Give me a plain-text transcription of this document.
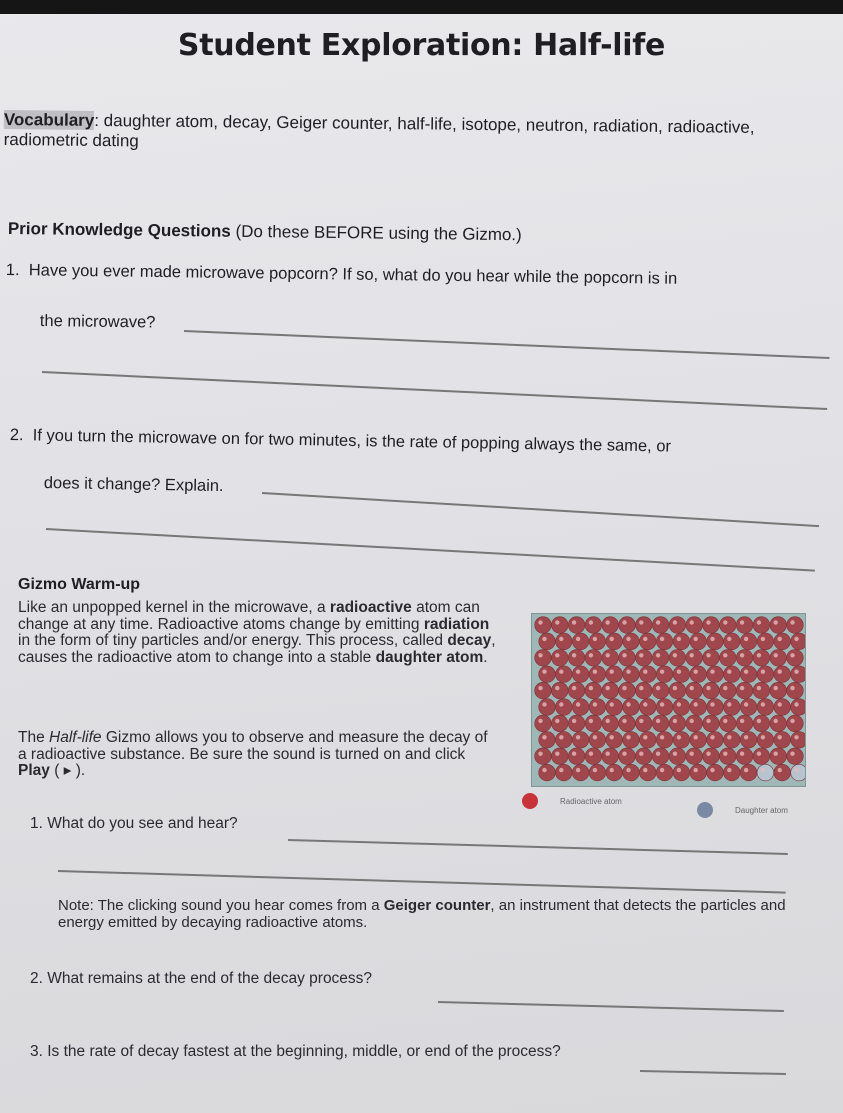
Student Exploration: Half-life
Vocabulary: daughter atom, decay, Geiger counter, half-life, isotope, neutron, radiation, radioactive, radiometric dating
Prior Knowledge Questions (Do these BEFORE using the Gizmo.)
1. Have you ever made microwave popcorn? If so, what do you hear while the popcorn is in
the microwave?
2. If you turn the microwave on for two minutes, is the rate of popping always the same, or
does it change? Explain.
Gizmo Warm-up
Like an unpopped kernel in the microwave, a radioactive atom can change at any time. Radioactive atoms change by emitting radiation in the form of tiny particles and/or energy. This process, called decay, causes the radioactive atom to change into a stable daughter atom.
The Half-life Gizmo allows you to observe and measure the decay of a radioactive substance. Be sure the sound is turned on and click Play ( ▸ ).
Radioactive atom
Daughter atom
1. What do you see and hear?
Note: The clicking sound you hear comes from a Geiger counter, an instrument that detects the particles and energy emitted by decaying radioactive atoms.
2. What remains at the end of the decay process?
3. Is the rate of decay fastest at the beginning, middle, or end of the process?
